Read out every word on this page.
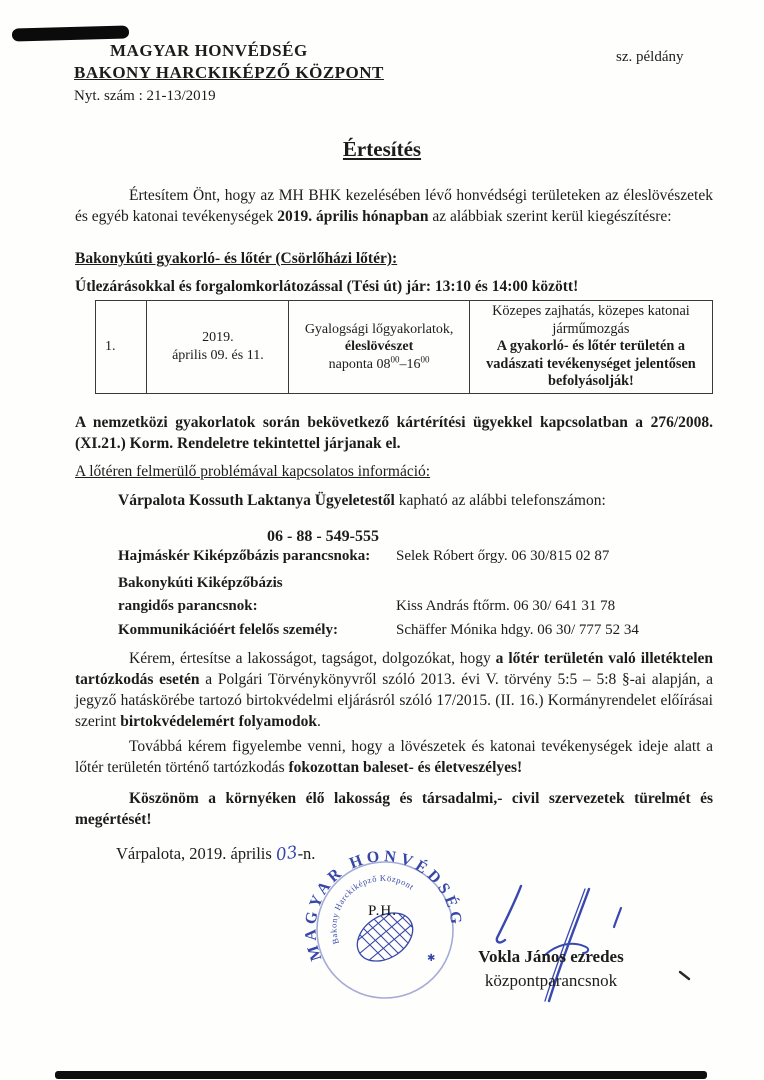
MAGYAR HONVÉDSÉG
BAKONY HARCKIKÉPZŐ KÖZPONT
Nyt. szám : 21-13/2019
sz. példány
Értesítés
Értesítem Önt, hogy az MH BHK kezelésében lévő honvédségi területeken az éleslövészetek és egyéb katonai tevékenységek 2019. április hónapban az alábbiak szerint kerül kiegészítésre:
Bakonykúti gyakorló- és lőtér (Csörlőházi lőtér):
Útlezárásokkal és forgalomkorlátozással (Tési út) jár: 13:10 és 14:00 között!
1.	
2019.
április 09. és 11.

Gyalogsági lőgyakorlatok,
éleslövészet
naponta $08^{00}-16^{00}$

Közepes zajhatás, közepes katonai
járműmozgás
A gyakorló- és lőtér területén a vadászati tevékenységet jelentősen befolyásolják!
A nemzetközi gyakorlatok során bekövetkező kártérítési ügyekkel kapcsolatban a 276/2008. (XI.21.) Korm. Rendeletre tekintettel járjanak el.
A lőtéren felmerülő problémával kapcsolatos információ:
Várpalota Kossuth Laktanya Ügyeletestől kapható az alábbi telefonszámon:
06 - 88 - 549-555
Hajmáskér Kiképzőbázis parancsnoka: Selek Róbert őrgy. 06 30/815 02 87
Bakonykúti Kiképzőbázis
rangidős parancsnok:	Kiss András ftőrm. 06 30/ 641 31 78
Kommunikációért felelős személy:	Schäffer Mónika hdgy. 06 30/ 777 52 34
Kérem, értesítse a lakosságot, tagságot, dolgozókat, hogy a lőtér területén való illetéktelen tartózkodás esetén a Polgári Törvénykönyvről szóló 2013. évi V. törvény 5:5 – 5:8 §-ai alapján, a jegyző hatáskörébe tartozó birtokvédelmi eljárásról szóló 17/2015. (II. 16.) Kormányrendelet előírásai szerint birtokvédelemért folyamodok.
Továbbá kérem figyelembe venni, hogy a lövészetek és katonai tevékenységek ideje alatt a lőtér területén történő tartózkodás fokozottan baleset- és életveszélyes!
Köszönöm a környéken élő lakosság és társadalmi,- civil szervezetek türelmét és megértését!
Várpalota, 2019. április 03-n.
MAGYAR HONVÉDSÉG
Bakony Harckiképző Központ
✱
P.H.
Vokla János ezredes
központparancsnok
